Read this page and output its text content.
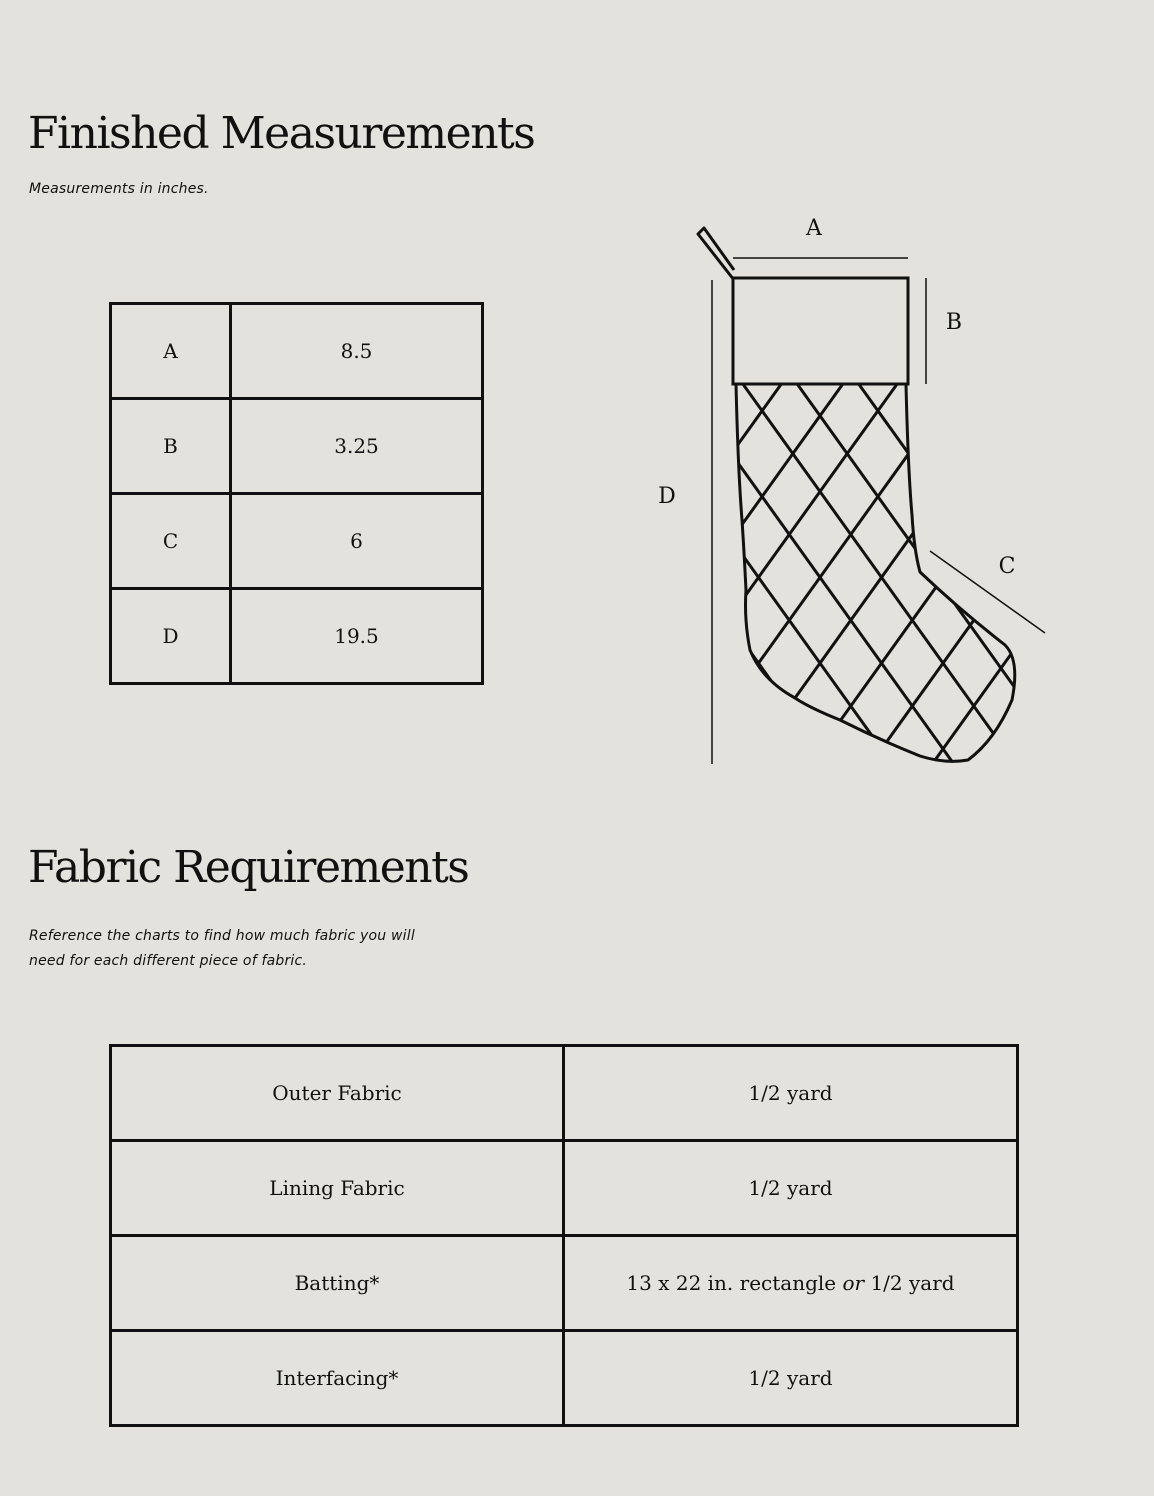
Finished Measurements

Measurements in inches.

A	8.5
B	3.25
C	6
D	19.5
A
B
C
D
Fabric Requirements

Reference the charts to find how much fabric you will need for each different piece of fabric.

Outer Fabric	1/2 yard
Lining Fabric	1/2 yard
Batting*	13 x 22 in. rectangle or 1/2 yard
Interfacing*	1/2 yard
